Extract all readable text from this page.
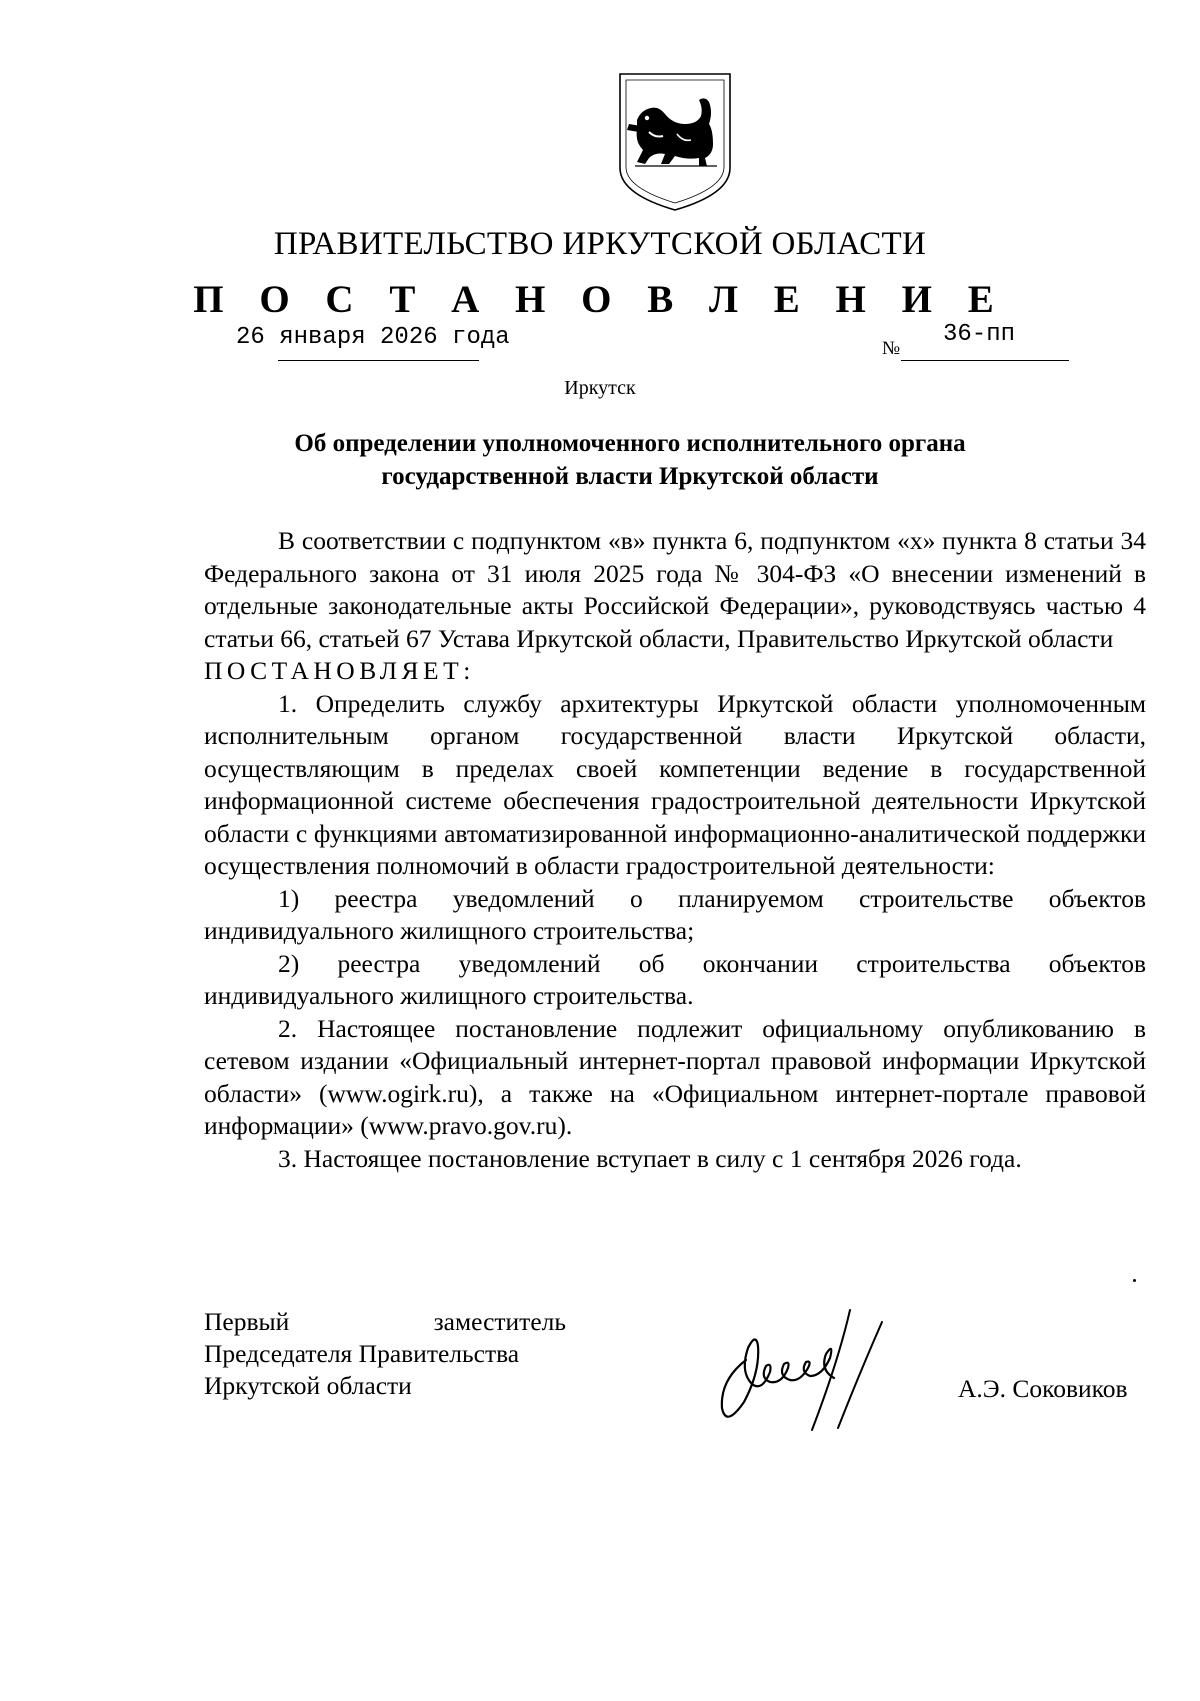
ПРАВИТЕЛЬСТВО ИРКУТСКОЙ ОБЛАСТИ
П О С Т А Н О В Л Е Н И Е
26 января 2026 года	№
36-пп
Иркутск
Об определении уполномоченного исполнительного органа
государственной власти Иркутской области

В соответствии с подпунктом «в» пункта 6, подпунктом «х» пункта 8 статьи 34 Федерального закона от 31 июля 2025 года № 304-ФЗ «О внесении изменений в отдельные законодательные акты Российской Федерации», руководствуясь частью 4 статьи 66, статьей 67 Устава Иркутской области, Правительство Иркутской области

ПОСТАНОВЛЯЕТ:

1. Определить службу архитектуры Иркутской области уполномоченным исполнительным органом государственной власти Иркутской области, осуществляющим в пределах своей компетенции ведение в государственной информационной системе обеспечения градостроительной деятельности Иркутской области с функциями автоматизированной информационно-аналитической поддержки осуществления полномочий в области градостроительной деятельности:

1) реестра уведомлений о планируемом строительстве объектов индивидуального жилищного строительства;

2) реестра уведомлений об окончании строительства объектов индивидуального жилищного строительства.

2. Настоящее постановление подлежит официальному опубликованию в сетевом издании «Официальный интернет-портал правовой информации Иркутской области» (www.ogirk.ru), а также на «Официальном интернет-портале правовой информации» (www.pravo.gov.ru).

3. Настоящее постановление вступает в силу с 1 сентября 2026 года.

Первый	заместитель
Председателя Правительства
Иркутской области	А.Э. Соковиков
